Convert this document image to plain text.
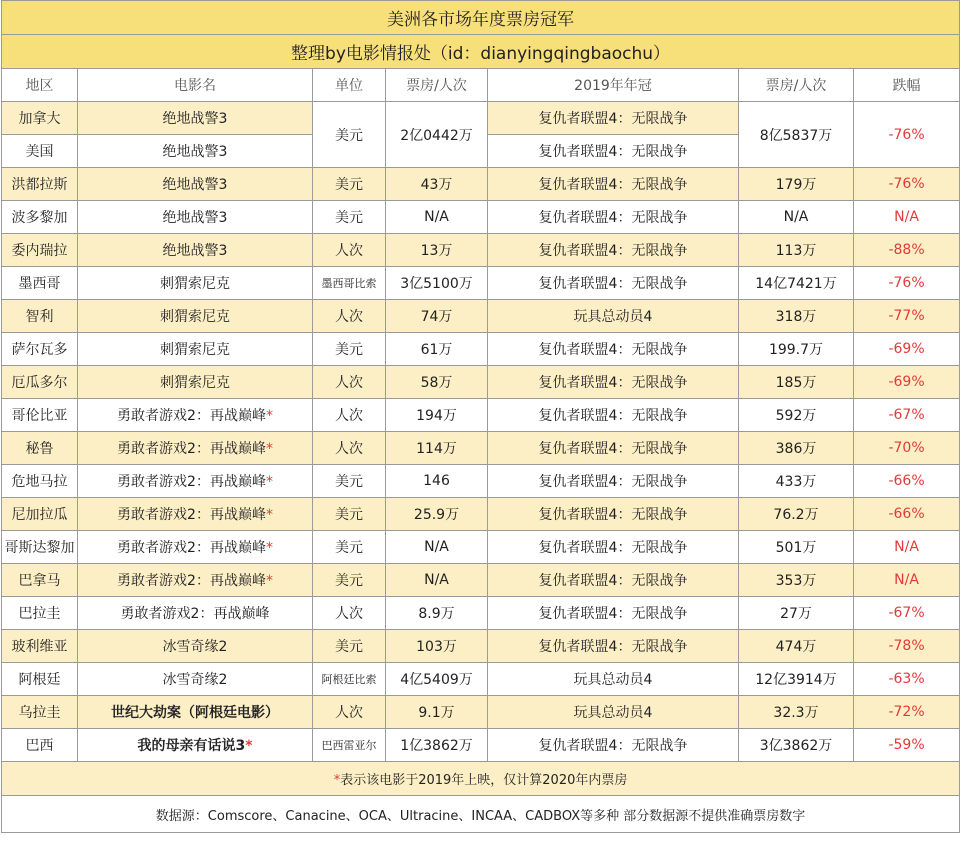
美洲各市场年度票房冠军						
整理by电影情报处（id：dianyingqingbaochu）						
地区	电影名	单位	票房/人次	2019年年冠	票房/人次	跌幅
加拿大	绝地战警3	美元	2亿0442万	复仇者联盟4：无限战争	8亿5837万	-76%
美国	绝地战警3			复仇者联盟4：无限战争		
洪都拉斯	绝地战警3	美元	43万	复仇者联盟4：无限战争	179万	-76%
波多黎加	绝地战警3	美元	N/A	复仇者联盟4：无限战争	N/A	N/A
委内瑞拉	绝地战警3	人次	13万	复仇者联盟4：无限战争	113万	-88%
墨西哥	刺猬索尼克	墨西哥比索	3亿5100万	复仇者联盟4：无限战争	14亿7421万	-76%
智利	刺猬索尼克	人次	74万	玩具总动员4	318万	-77%
萨尔瓦多	刺猬索尼克	美元	61万	复仇者联盟4：无限战争	199.7万	-69%
厄瓜多尔	刺猬索尼克	人次	58万	复仇者联盟4：无限战争	185万	-69%
哥伦比亚	勇敢者游戏2：再战巅峰*	人次	194万	复仇者联盟4：无限战争	592万	-67%
秘鲁	勇敢者游戏2：再战巅峰*	人次	114万	复仇者联盟4：无限战争	386万	-70%
危地马拉	勇敢者游戏2：再战巅峰*	美元	146	复仇者联盟4：无限战争	433万	-66%
尼加拉瓜	勇敢者游戏2：再战巅峰*	美元	25.9万	复仇者联盟4：无限战争	76.2万	-66%
哥斯达黎加	勇敢者游戏2：再战巅峰*	美元	N/A	复仇者联盟4：无限战争	501万	N/A
巴拿马	勇敢者游戏2：再战巅峰*	美元	N/A	复仇者联盟4：无限战争	353万	N/A
巴拉圭	勇敢者游戏2：再战巅峰	人次	8.9万	复仇者联盟4：无限战争	27万	-67%
玻利维亚	冰雪奇缘2	美元	103万	复仇者联盟4：无限战争	474万	-78%
阿根廷	冰雪奇缘2	阿根廷比索	4亿5409万	玩具总动员4	12亿3914万	-63%
乌拉圭	世纪大劫案（阿根廷电影）	人次	9.1万	玩具总动员4	32.3万	-72%
巴西	我的母亲有话说3*	巴西雷亚尔	1亿3862万	复仇者联盟4：无限战争	3亿3862万	-59%
*表示该电影于2019年上映，仅计算2020年内票房						
数据源：Comscore、Canacine、OCA、Ultracine、INCAA、CADBOX等多种 部分数据源不提供准确票房数字						
